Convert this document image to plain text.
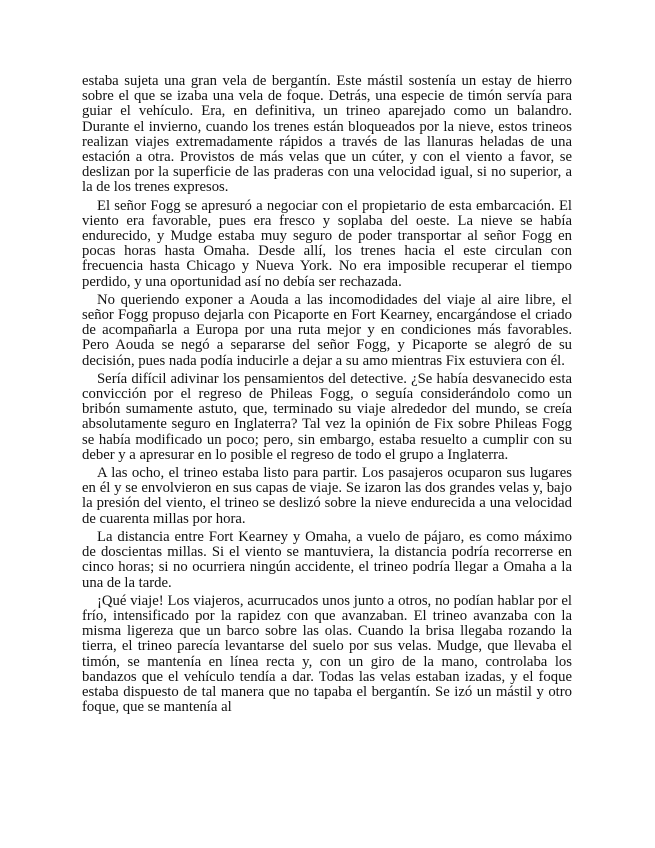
estaba sujeta una gran vela de bergantín. Este mástil sostenía un estay de hierro sobre el que se izaba una vela de foque. Detrás, una especie de timón servía para guiar el vehículo. Era, en definitiva, un trineo aparejado como un balandro. Durante el invierno, cuando los trenes están bloqueados por la nieve, estos trineos realizan viajes extremadamente rápidos a través de las llanuras heladas de una estación a otra. Provistos de más velas que un cúter, y con el viento a favor, se deslizan por la superficie de las praderas con una velocidad igual, si no superior, a la de los trenes expresos.

El señor Fogg se apresuró a negociar con el propietario de esta embarcación. El viento era favorable, pues era fresco y soplaba del oeste. La nieve se había endurecido, y Mudge estaba muy seguro de poder transportar al señor Fogg en pocas horas hasta Omaha. Desde allí, los trenes hacia el este circulan con frecuencia hasta Chicago y Nueva York. No era imposible recuperar el tiempo perdido, y una oportunidad así no debía ser rechazada.

No queriendo exponer a Aouda a las incomodidades del viaje al aire libre, el señor Fogg propuso dejarla con Picaporte en Fort Kearney, encargándose el criado de acompañarla a Europa por una ruta mejor y en condiciones más favorables. Pero Aouda se negó a separarse del señor Fogg, y Picaporte se alegró de su decisión, pues nada podía inducirle a dejar a su amo mientras Fix estuviera con él.

Sería difícil adivinar los pensamientos del detective. ¿Se había desvanecido esta convicción por el regreso de Phileas Fogg, o seguía considerándolo como un bribón sumamente astuto, que, terminado su viaje alrededor del mundo, se creía absolutamente seguro en Inglaterra? Tal vez la opinión de Fix sobre Phileas Fogg se había modificado un poco; pero, sin embargo, estaba resuelto a cumplir con su deber y a apresurar en lo posible el regreso de todo el grupo a Inglaterra.

A las ocho, el trineo estaba listo para partir. Los pasajeros ocuparon sus lugares en él y se envolvieron en sus capas de viaje. Se izaron las dos grandes velas y, bajo la presión del viento, el trineo se deslizó sobre la nieve endurecida a una velocidad de cuarenta millas por hora.

La distancia entre Fort Kearney y Omaha, a vuelo de pájaro, es como máximo de doscientas millas. Si el viento se mantuviera, la distancia podría recorrerse en cinco horas; si no ocurriera ningún accidente, el trineo podría llegar a Omaha a la una de la tarde.

¡Qué viaje! Los viajeros, acurrucados unos junto a otros, no podían hablar por el frío, intensificado por la rapidez con que avanzaban. El trineo avanzaba con la misma ligereza que un barco sobre las olas. Cuando la brisa llegaba rozando la tierra, el trineo parecía levantarse del suelo por sus velas. Mudge, que llevaba el timón, se mantenía en línea recta y, con un giro de la mano, controlaba los bandazos que el vehículo tendía a dar. Todas las velas estaban izadas, y el foque estaba dispuesto de tal manera que no tapaba el bergantín. Se izó un mástil y otro foque, que se mantenía al
